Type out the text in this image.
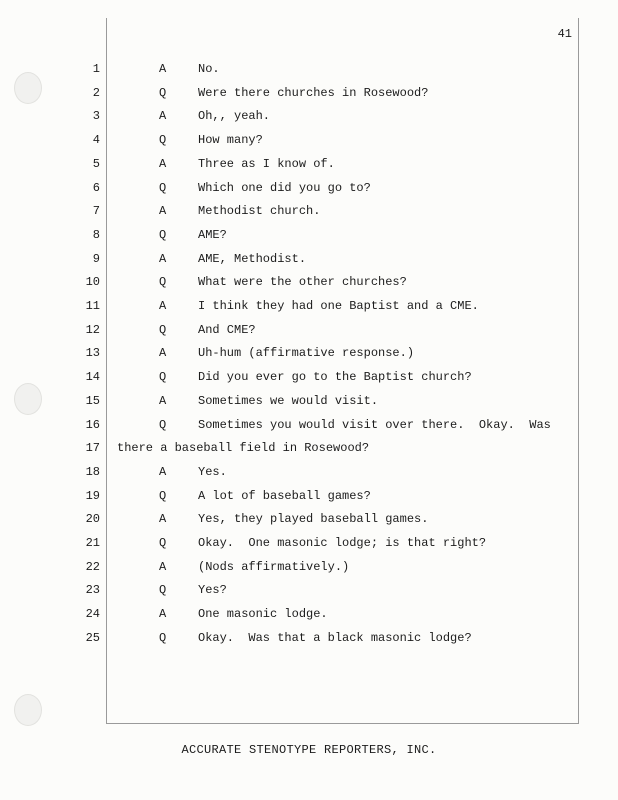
41
1	A	No.
2	Q	Were there churches in Rosewood?
3	A	Oh,, yeah.
4	Q	How many?
5	A	Three as I know of.
6	Q	Which one did you go to?
7	A	Methodist church.
8	Q	AME?
9	A	AME, Methodist.
10	Q	What were the other churches?
11	A	I think they had one Baptist and a CME.
12	Q	And CME?
13	A	Uh-hum (affirmative response.)
14	Q	Did you ever go to the Baptist church?
15	A	Sometimes we would visit.
16	Q	Sometimes you would visit over there.  Okay.  Was
17 there a baseball field in Rosewood?
18	A	Yes.
19	Q	A lot of baseball games?
20	A	Yes, they played baseball games.
21	Q	Okay.  One masonic lodge; is that right?
22	A	(Nods affirmatively.)
23	Q	Yes?
24	A	One masonic lodge.
25	Q	Okay.  Was that a black masonic lodge?
ACCURATE STENOTYPE REPORTERS, INC.
